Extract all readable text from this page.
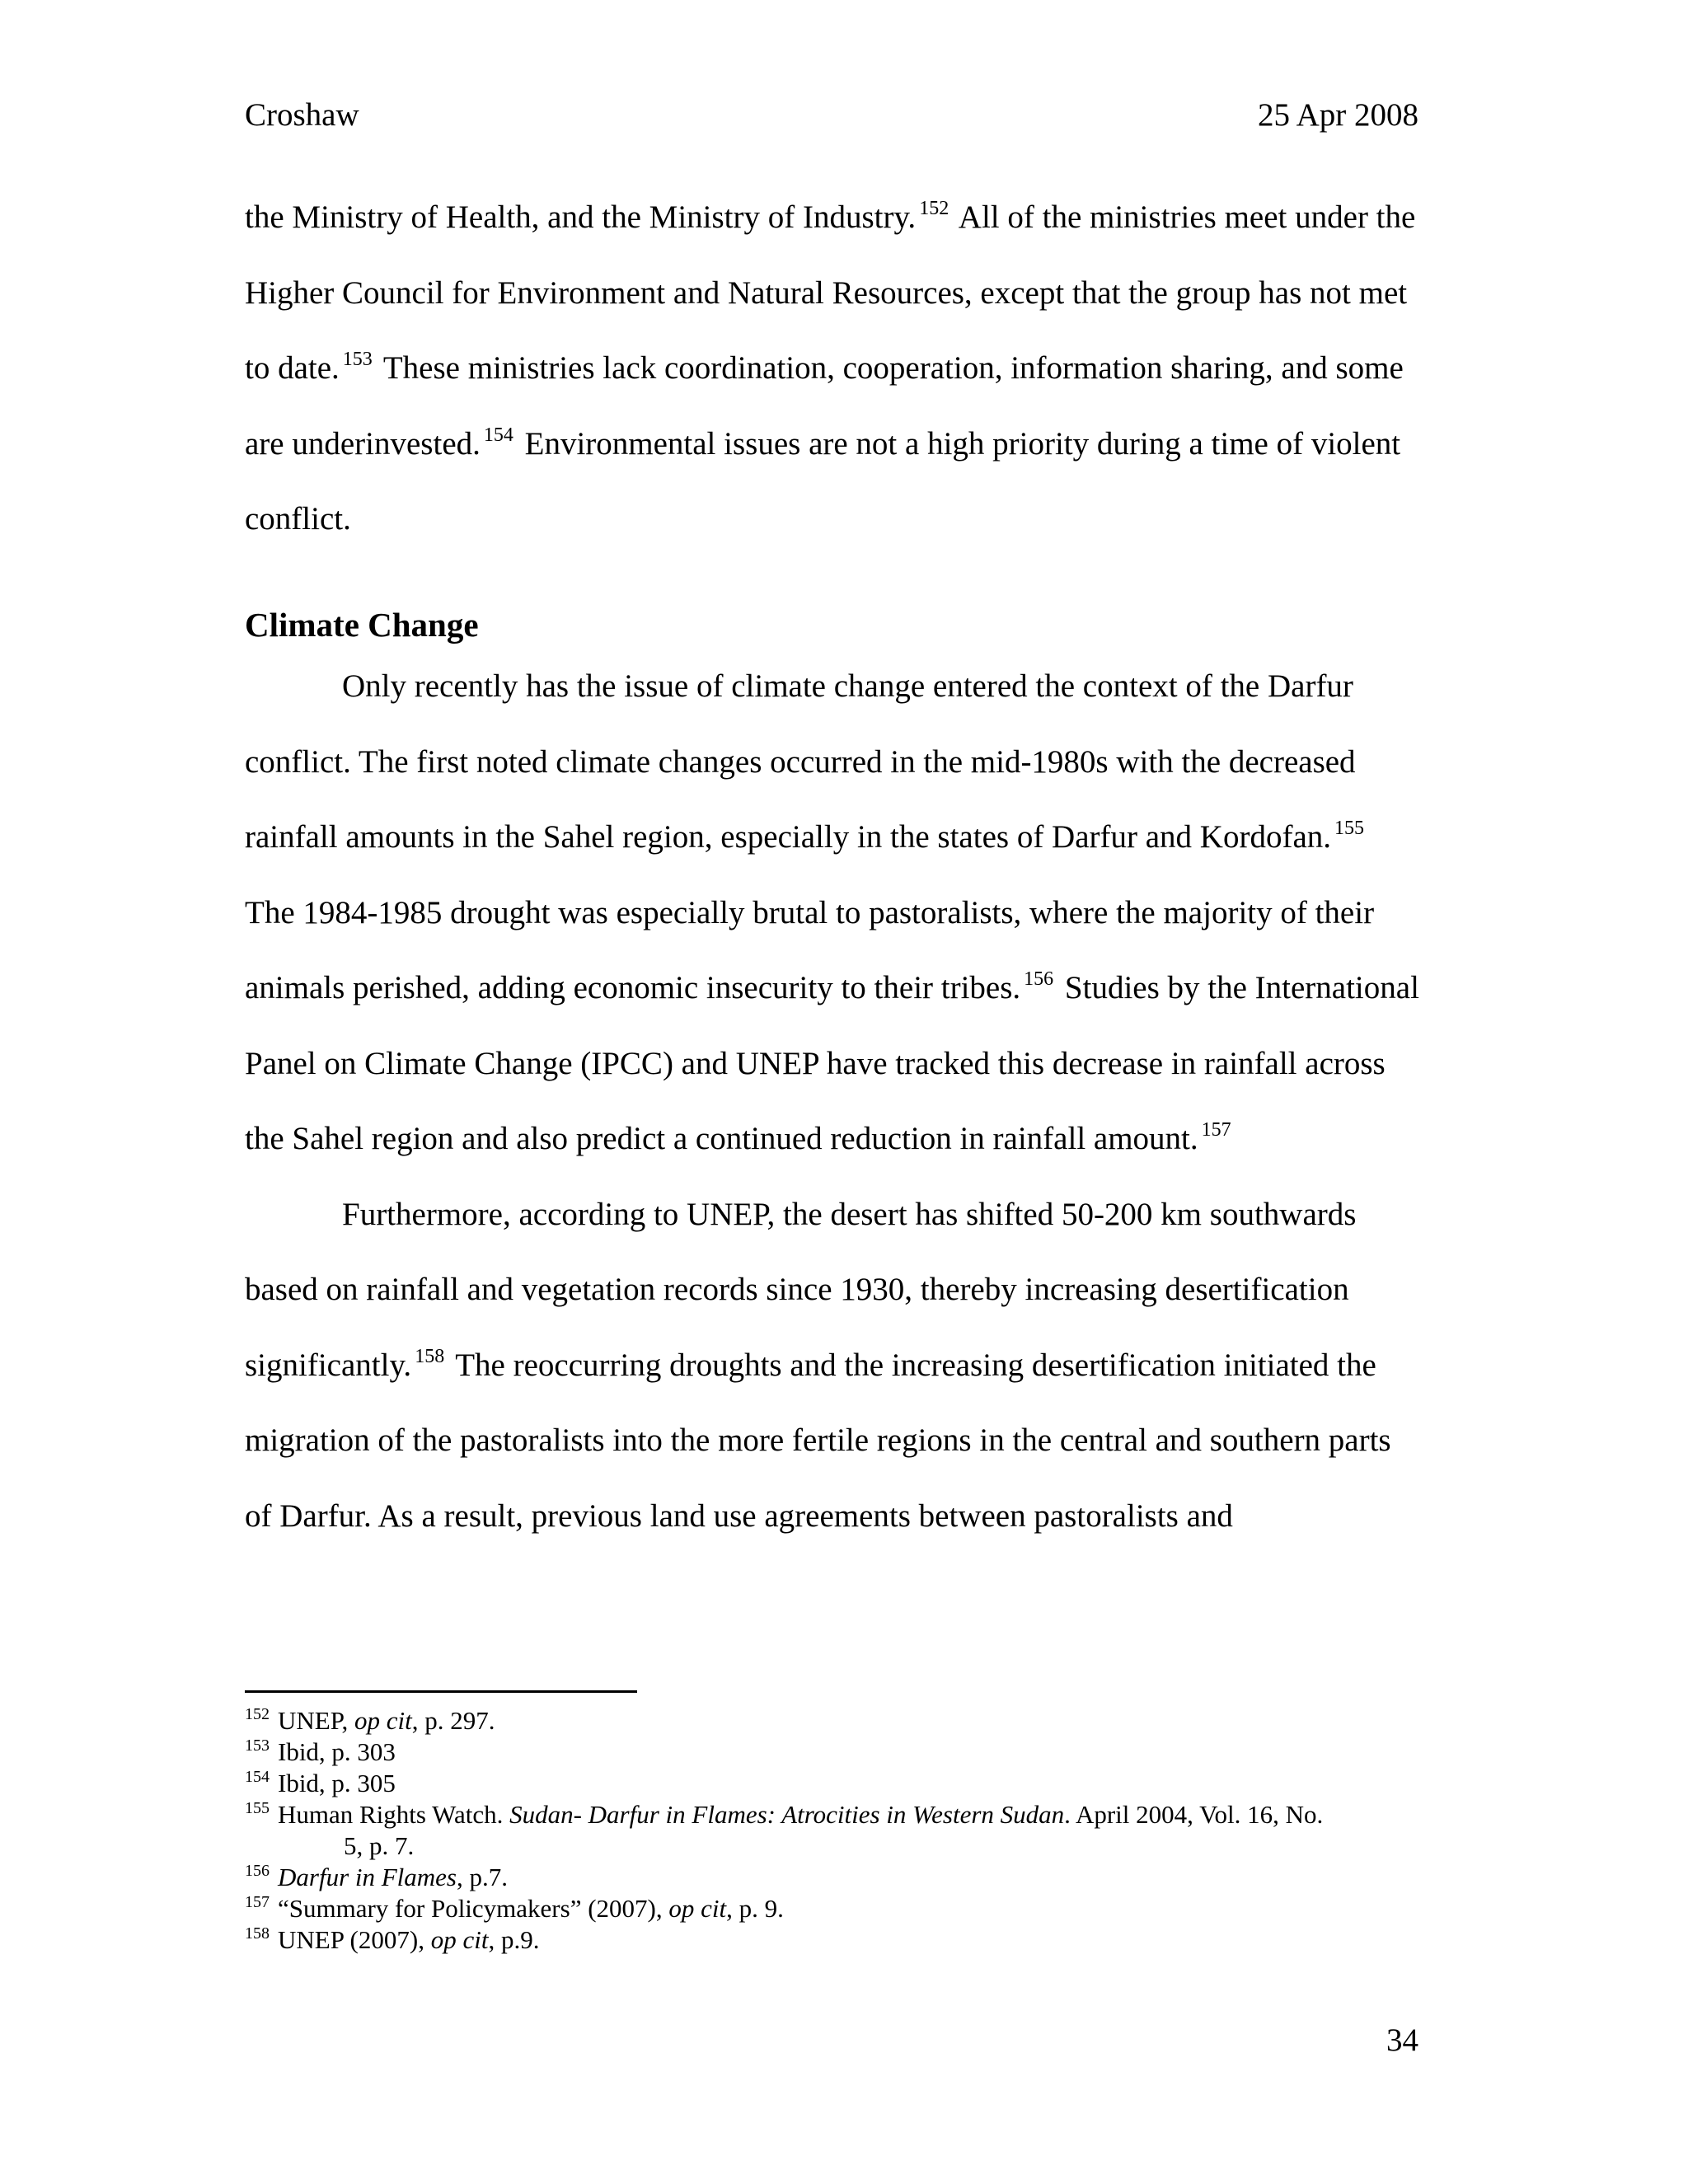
Croshaw	25 Apr 2008

the Ministry of Health, and the Ministry of Industry. $^{152}$ All of the ministries meet under the Higher Council for Environment and Natural Resources, except that the group has not met to date. $^{153}$ These ministries lack coordination, cooperation, information sharing, and some are underinvested. $^{154}$ Environmental issues are not a high priority during a time of violent conflict.

Climate Change

Only recently has the issue of climate change entered the context of the Darfur conflict. The first noted climate changes occurred in the mid-1980s with the decreased rainfall amounts in the Sahel region, especially in the states of Darfur and Kordofan. $^{155}$ The 1984-1985 drought was especially brutal to pastoralists, where the majority of their animals perished, adding economic insecurity to their tribes. $^{156}$ Studies by the International Panel on Climate Change (IPCC) and UNEP have tracked this decrease in rainfall across the Sahel region and also predict a continued reduction in rainfall amount. $^{157}$

Furthermore, according to UNEP, the desert has shifted 50-200 km southwards based on rainfall and vegetation records since 1930, thereby increasing desertification significantly. $^{158}$ The reoccurring droughts and the increasing desertification initiated the migration of the pastoralists into the more fertile regions in the central and southern parts of Darfur. As a result, previous land use agreements between pastoralists and

152 UNEP, op cit, p. 297.

153 Ibid, p. 303

154 Ibid, p. 305

155 Human Rights Watch. Sudan- Darfur in Flames: Atrocities in Western Sudan. April 2004, Vol. 16, No.
5, p. 7.

156 Darfur in Flames, p.7.

157 “Summary for Policymakers” (2007), op cit, p. 9.

158 UNEP (2007), op cit, p.9.

34
